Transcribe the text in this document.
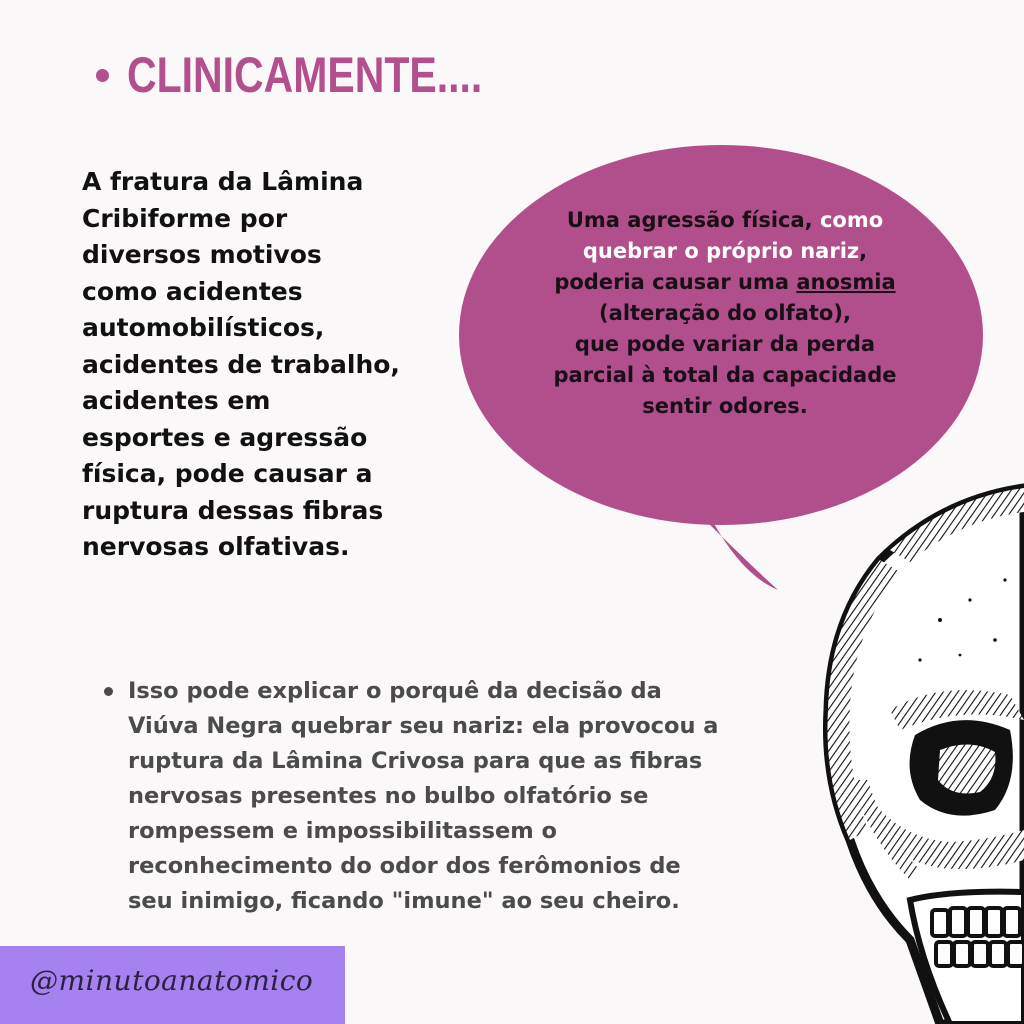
CLINICAMENTE....
A fratura da Lâmina
Cribiforme por
diversos motivos
como acidentes
automobilísticos,
acidentes de trabalho,
acidentes em
esportes e agressão
física, pode causar a
ruptura dessas fibras
nervosas olfativas.
Uma agressão física, como
quebrar o próprio nariz,
poderia causar uma anosmia
(alteração do olfato),
que pode variar da perda
parcial à total da capacidade
sentir odores.
Isso pode explicar o porquê da decisão da
Viúva Negra quebrar seu nariz: ela provocou a
ruptura da Lâmina Crivosa para que as fibras
nervosas presentes no bulbo olfatório se
rompessem e impossibilitassem o
reconhecimento do odor dos ferômonios de
seu inimigo, ficando "imune" ao seu cheiro.
@minutoanatomico
